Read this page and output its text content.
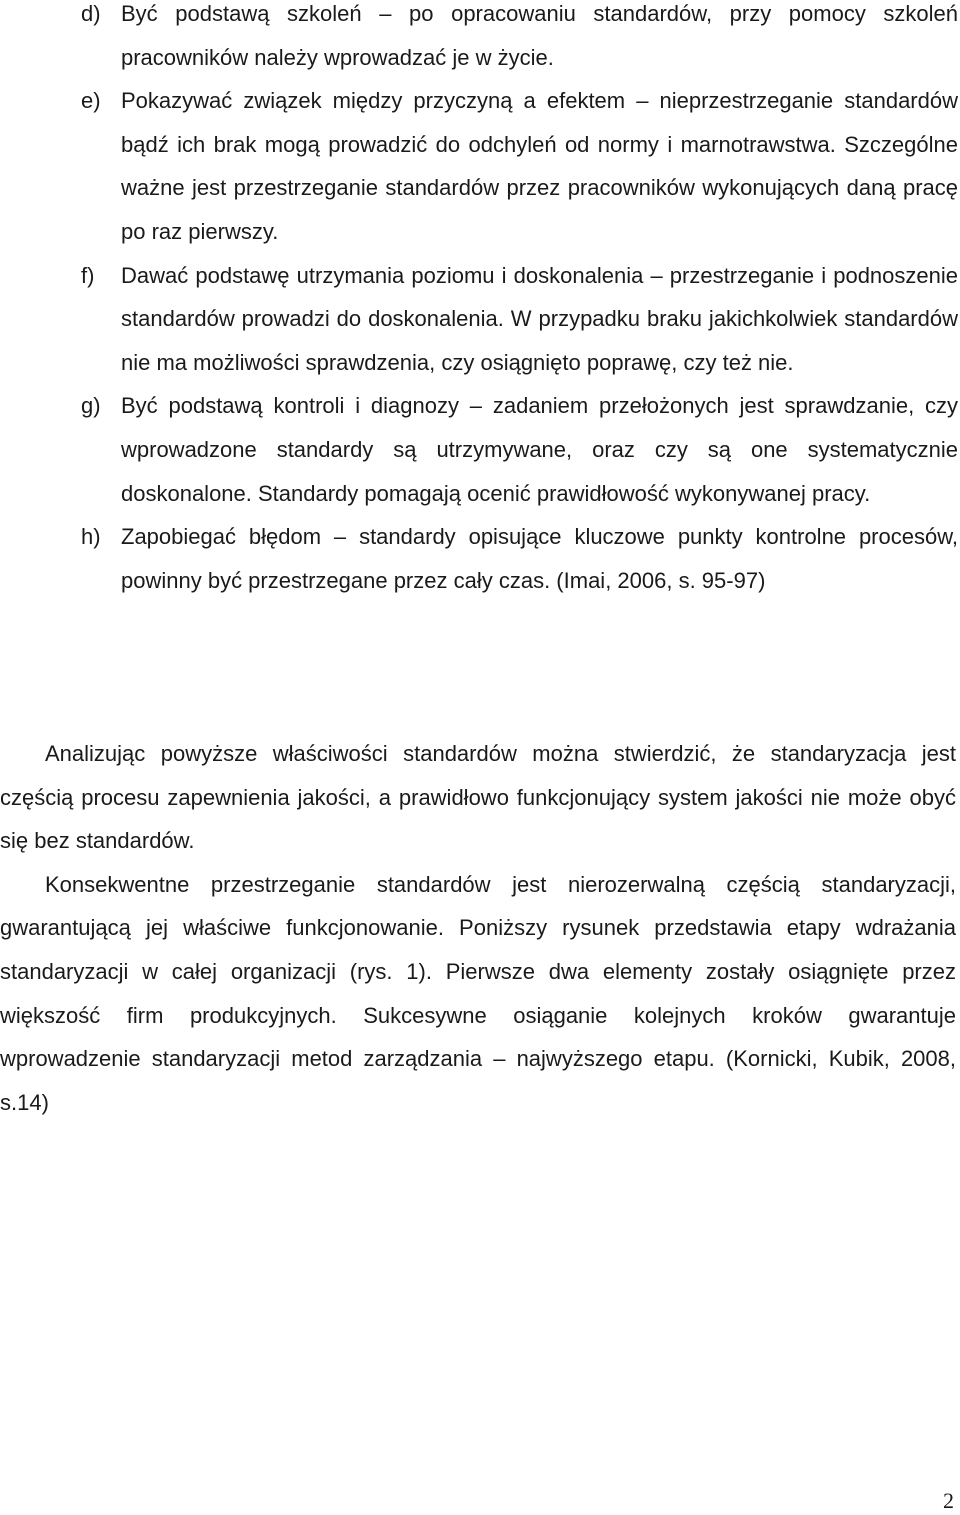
d) Być podstawą szkoleń – po opracowaniu standardów, przy pomocy szkoleń pracowników należy wprowadzać je w życie.
e) Pokazywać związek między przyczyną a efektem – nieprzestrzeganie standardów bądź ich brak mogą prowadzić do odchyleń od normy i marnotrawstwa. Szczególne ważne jest przestrzeganie standardów przez pracowników wykonujących daną pracę po raz pierwszy.
f) Dawać podstawę utrzymania poziomu i doskonalenia – przestrzeganie i podnoszenie standardów prowadzi do doskonalenia. W przypadku braku jakichkolwiek standardów nie ma możliwości sprawdzenia, czy osiągnięto poprawę, czy też nie.
g) Być podstawą kontroli i diagnozy – zadaniem przełożonych jest sprawdzanie, czy wprowadzone standardy są utrzymywane, oraz czy są one systematycznie doskonalone. Standardy pomagają ocenić prawidłowość wykonywanej pracy.
h) Zapobiegać błędom – standardy opisujące kluczowe punkty kontrolne procesów, powinny być przestrzegane przez cały czas. (Imai, 2006, s. 95-97)

Analizując powyższe właściwości standardów można stwierdzić, że standaryzacja jest częścią procesu zapewnienia jakości, a prawidłowo funkcjonujący system jakości nie może obyć się bez standardów.

Konsekwentne przestrzeganie standardów jest nierozerwalną częścią standaryzacji, gwarantującą jej właściwe funkcjonowanie. Poniższy rysunek przedstawia etapy wdrażania standaryzacji w całej organizacji (rys. 1). Pierwsze dwa elementy zostały osiągnięte przez większość firm produkcyjnych. Sukcesywne osiąganie kolejnych kroków gwarantuje wprowadzenie standaryzacji metod zarządzania – najwyższego etapu. (Kornicki, Kubik, 2008, s.14)

2
